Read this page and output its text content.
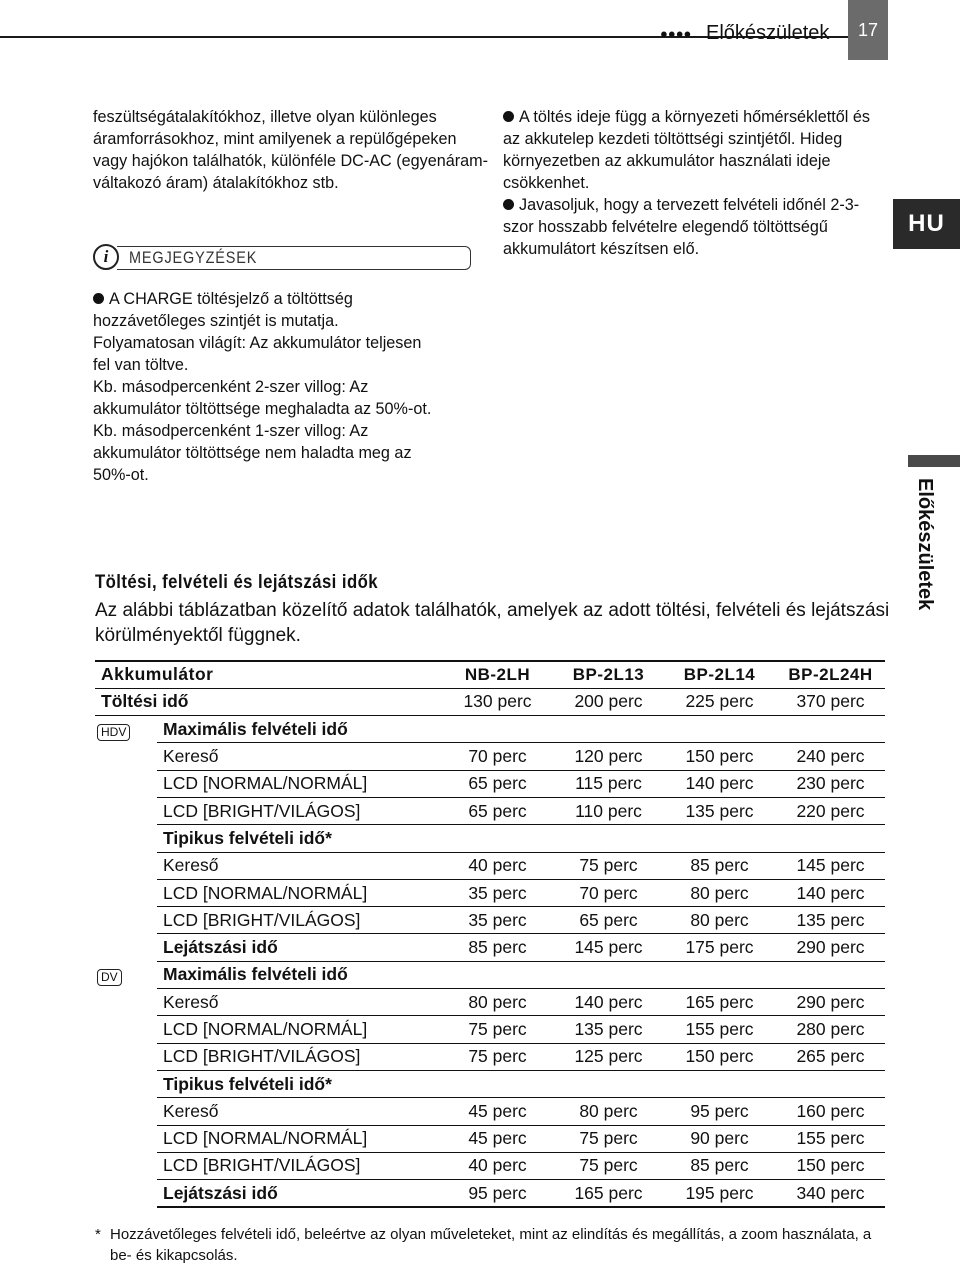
●●●● Előkészületek	17
feszültségátalakítókhoz, illetve olyan különleges áramforrásokhoz, mint amilyenek a repülőgépeken vagy hajókon találhatók, különféle DC-AC (egyenáram-váltakozó áram) átalakítókhoz stb.
i	MEGJEGYZÉSEK
A CHARGE töltésjelző a töltöttség
hozzávetőleges szintjét is mutatja.
Folyamatosan világít: Az akkumulátor teljesen
fel van töltve.
Kb. másodpercenként 2-szer villog: Az
akkumulátor töltöttsége meghaladta az 50%-ot.
Kb. másodpercenként 1-szer villog: Az
akkumulátor töltöttsége nem haladta meg az
50%-ot.
A töltés ideje függ a környezeti hőmérséklettől és az akkutelep kezdeti töltöttségi szintjétől. Hideg környezetben az akkumulátor használati ideje csökkenhet.
Javasoljuk, hogy a tervezett felvételi időnél 2-3-szor hosszabb felvételre elegendő töltöttségű akkumulátort készítsen elő.
HU
Előkészületek
Töltési, felvételi és lejátszási idők
Az alábbi táblázatban közelítő adatok találhatók, amelyek az adott töltési, felvételi és lejátszási körülményektől függnek.
Akkumulátor		NB-2LH	BP-2L13	BP-2L14	BP-2L24H
Töltési idő		130 perc	200 perc	225 perc	370 perc
HDV	Maximális felvételi idő				
	Kereső	70 perc	120 perc	150 perc	240 perc
	LCD [NORMAL/NORMÁL]	65 perc	115 perc	140 perc	230 perc
	LCD [BRIGHT/VILÁGOS]	65 perc	110 perc	135 perc	220 perc
	Tipikus felvételi idő*				
	Kereső	40 perc	75 perc	85 perc	145 perc
	LCD [NORMAL/NORMÁL]	35 perc	70 perc	80 perc	140 perc
	LCD [BRIGHT/VILÁGOS]	35 perc	65 perc	80 perc	135 perc
	Lejátszási idő	85 perc	145 perc	175 perc	290 perc
DV	Maximális felvételi idő				
	Kereső	80 perc	140 perc	165 perc	290 perc
	LCD [NORMAL/NORMÁL]	75 perc	135 perc	155 perc	280 perc
	LCD [BRIGHT/VILÁGOS]	75 perc	125 perc	150 perc	265 perc
	Tipikus felvételi idő*				
	Kereső	45 perc	80 perc	95 perc	160 perc
	LCD [NORMAL/NORMÁL]	45 perc	75 perc	90 perc	155 perc
	LCD [BRIGHT/VILÁGOS]	40 perc	75 perc	85 perc	150 perc
	Lejátszási idő	95 perc	165 perc	195 perc	340 perc
* Hozzávetőleges felvételi idő, beleértve az olyan műveleteket, mint az elindítás és megállítás, a zoom használata, a be- és kikapcsolás.
